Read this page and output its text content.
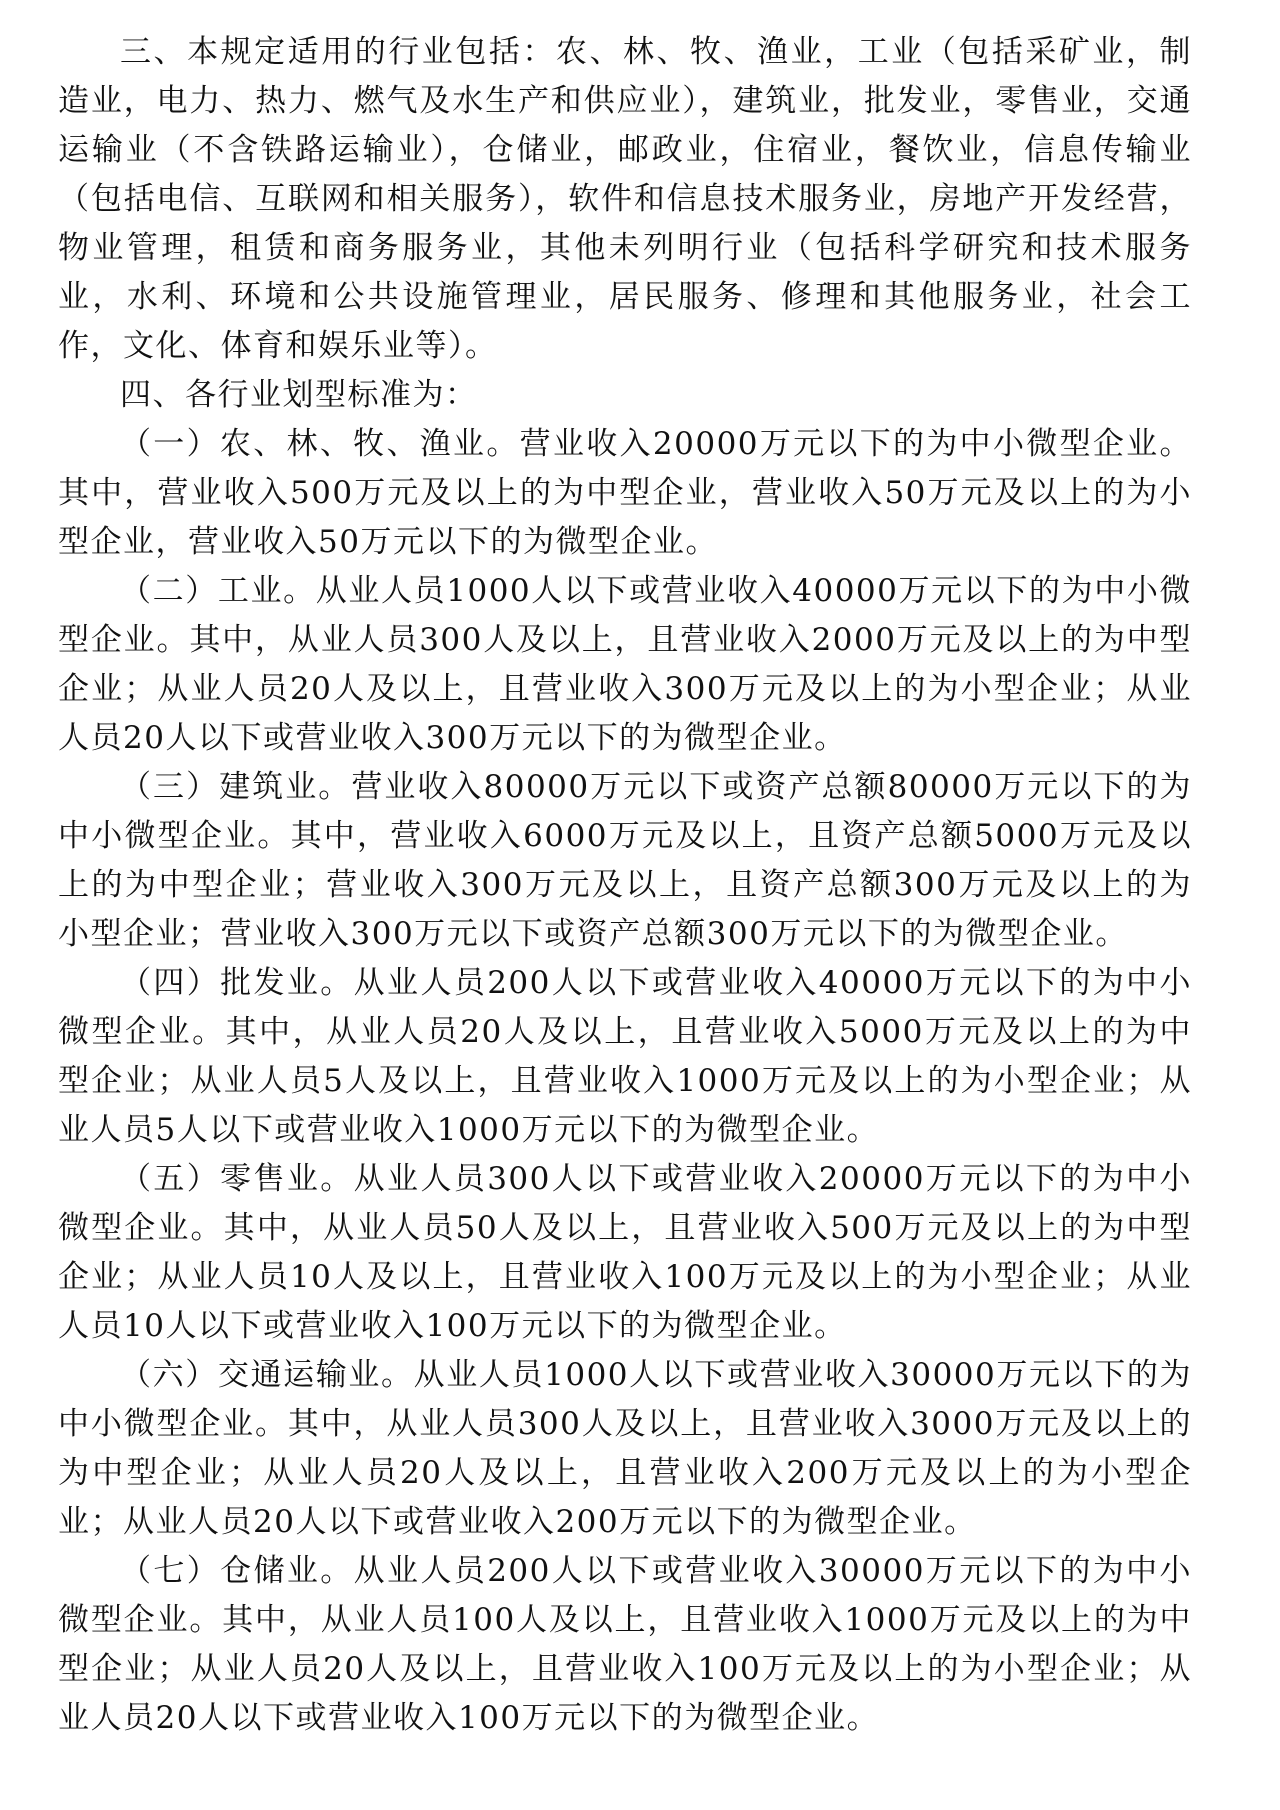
三、本规定适用的行业包括：农、林、牧、渔业，工业（包括采矿业，制造业，电力、热力、燃气及水生产和供应业），建筑业，批发业，零售业，交通运输业（不含铁路运输业），仓储业，邮政业，住宿业，餐饮业，信息传输业（包括电信、互联网和相关服务），软件和信息技术服务业，房地产开发经营，物业管理，租赁和商务服务业，其他未列明行业（包括科学研究和技术服务业，水利、环境和公共设施管理业，居民服务、修理和其他服务业，社会工作，文化、体育和娱乐业等）。

四、各行业划型标准为：

（一）农、林、牧、渔业。营业收入20000万元以下的为中小微型企业。其中，营业收入500万元及以上的为中型企业，营业收入50万元及以上的为小型企业，营业收入50万元以下的为微型企业。

（二）工业。从业人员1000人以下或营业收入40000万元以下的为中小微型企业。其中，从业人员300人及以上，且营业收入2000万元及以上的为中型企业；从业人员20人及以上，且营业收入300万元及以上的为小型企业；从业人员20人以下或营业收入300万元以下的为微型企业。

（三）建筑业。营业收入80000万元以下或资产总额80000万元以下的为中小微型企业。其中，营业收入6000万元及以上，且资产总额5000万元及以上的为中型企业；营业收入300万元及以上，且资产总额300万元及以上的为小型企业；营业收入300万元以下或资产总额300万元以下的为微型企业。

（四）批发业。从业人员200人以下或营业收入40000万元以下的为中小微型企业。其中，从业人员20人及以上，且营业收入5000万元及以上的为中型企业；从业人员5人及以上，且营业收入1000万元及以上的为小型企业；从业人员5人以下或营业收入1000万元以下的为微型企业。

（五）零售业。从业人员300人以下或营业收入20000万元以下的为中小微型企业。其中，从业人员50人及以上，且营业收入500万元及以上的为中型企业；从业人员10人及以上，且营业收入100万元及以上的为小型企业；从业人员10人以下或营业收入100万元以下的为微型企业。

（六）交通运输业。从业人员1000人以下或营业收入30000万元以下的为中小微型企业。其中，从业人员300人及以上，且营业收入3000万元及以上的为中型企业；从业人员20人及以上，且营业收入200万元及以上的为小型企业；从业人员20人以下或营业收入200万元以下的为微型企业。

（七）仓储业。从业人员200人以下或营业收入30000万元以下的为中小微型企业。其中，从业人员100人及以上，且营业收入1000万元及以上的为中型企业；从业人员20人及以上，且营业收入100万元及以上的为小型企业；从业人员20人以下或营业收入100万元以下的为微型企业。
